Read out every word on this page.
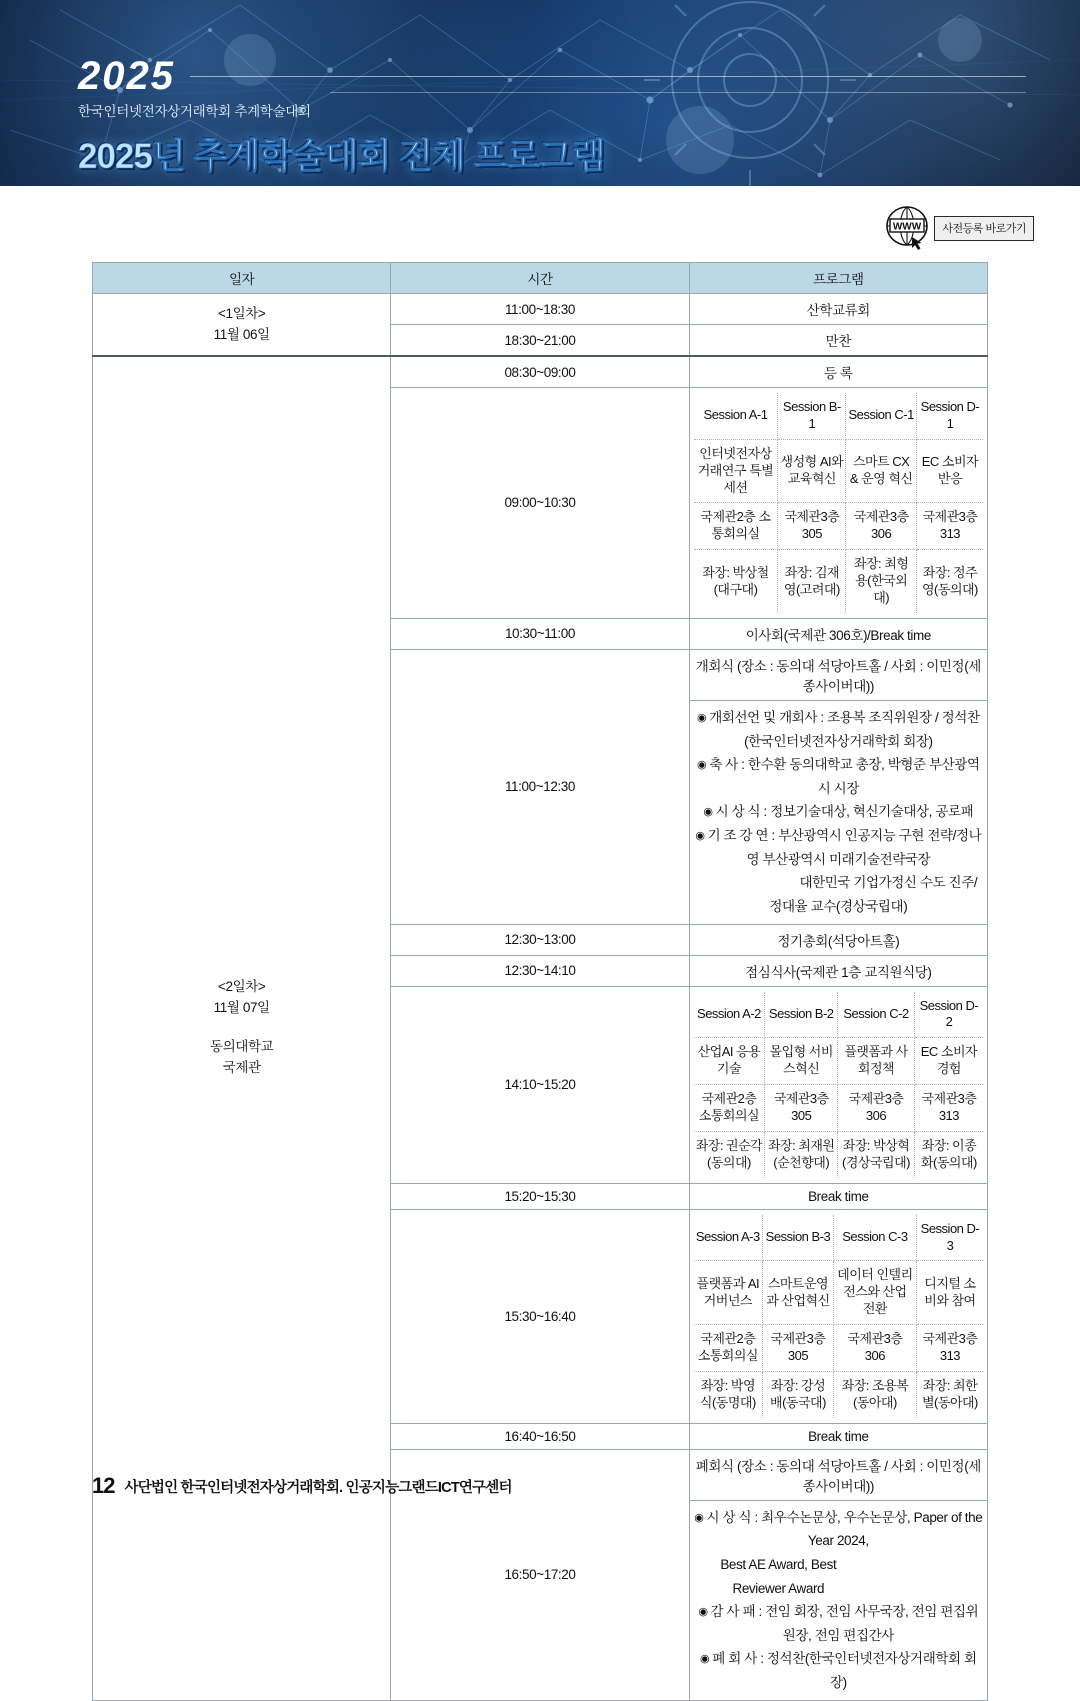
2025
한국인터넷전자상거래학회 추계학술대회
2025년 추계학술대회 전체 프로그램
WWW	사전등록 바로가기
일자	시간	프로그램

<1일차>
11월 06일
	11:00~18:30	산학교류회
18:30~21:00	만찬

<2일차>
11월 07일
동의대학교
국제관
	08:30~09:00	등 록
09:00~10:30	
Session A-1	Session B-1	Session C-1	Session D-1
인터넷전자상거래연구 특별세션	생성형 AI와 교육혁신	스마트 CX & 운영 혁신	EC 소비자 반응
국제관2층 소통회의실	국제관3층 305	국제관3층 306	국제관3층 313
좌장: 박상철(대구대)	좌장: 김재영(고려대)	좌장: 최형용(한국외대)	좌장: 정주영(동의대)

10:30~11:00	이사회(국제관 306호)/Break time
11:00~12:30	개회식 (장소 : 동의대 석당아트홀 / 사회 : 이민정(세종사이버대))

◉ 개회선언 및 개회사 : 조용복 조직위원장 / 정석찬(한국인터넷전자상거래학회 회장)
◉ 축 사 : 한수환 동의대학교 총장, 박형준 부산광역시 시장
◉ 시 상 식 : 정보기술대상, 혁신기술대상, 공로패
◉ 기 조 강 연 : 부산광역시 인공지능 구현 전략/정나영 부산광역시 미래기술전략국장
대한민국 기업가정신 수도 진주/ 정대율 교수(경상국립대)

12:30~13:00	정기총회(석당아트홀)
12:30~14:10	점심식사(국제관 1층 교직원식당)
14:10~15:20	
Session A-2	Session B-2	Session C-2	Session D-2
산업AI 응용기술	몰입형 서비스혁신	플랫폼과 사회정책	EC 소비자 경험
국제관2층 소통회의실	국제관3층 305	국제관3층 306	국제관3층 313
좌장: 권순각(동의대)	좌장: 최재원(순천향대)	좌장: 박상혁(경상국립대)	좌장: 이종화(동의대)

15:20~15:30	Break time
15:30~16:40	
Session A-3	Session B-3	Session C-3	Session D-3
플랫폼과 AI 거버넌스	스마트운영과 산업혁신	데이터 인텔리전스와 산업 전환	디지털 소비와 참여
국제관2층 소통회의실	국제관3층 305	국제관3층 306	국제관3층 313
좌장: 박영식(동명대)	좌장: 강성배(동국대)	좌장: 조용복(동아대)	좌장: 최한별(동아대)

16:40~16:50	Break time
16:50~17:20	폐회식 (장소 : 동의대 석당아트홀 / 사회 : 이민정(세종사이버대))

◉ 시 상 식 : 최우수논문상, 우수논문상, Paper of the Year 2024,
Best AE Award, Best Reviewer Award
◉ 감 사 패 : 전임 회장, 전임 사무국장, 전임 편집위원장, 전임 편집간사
◉ 폐 회 사 : 정석찬(한국인터넷전자상거래학회 회장)
12 사단법인 한국인터넷전자상거래학회. 인공지능그랜드ICT연구센터
